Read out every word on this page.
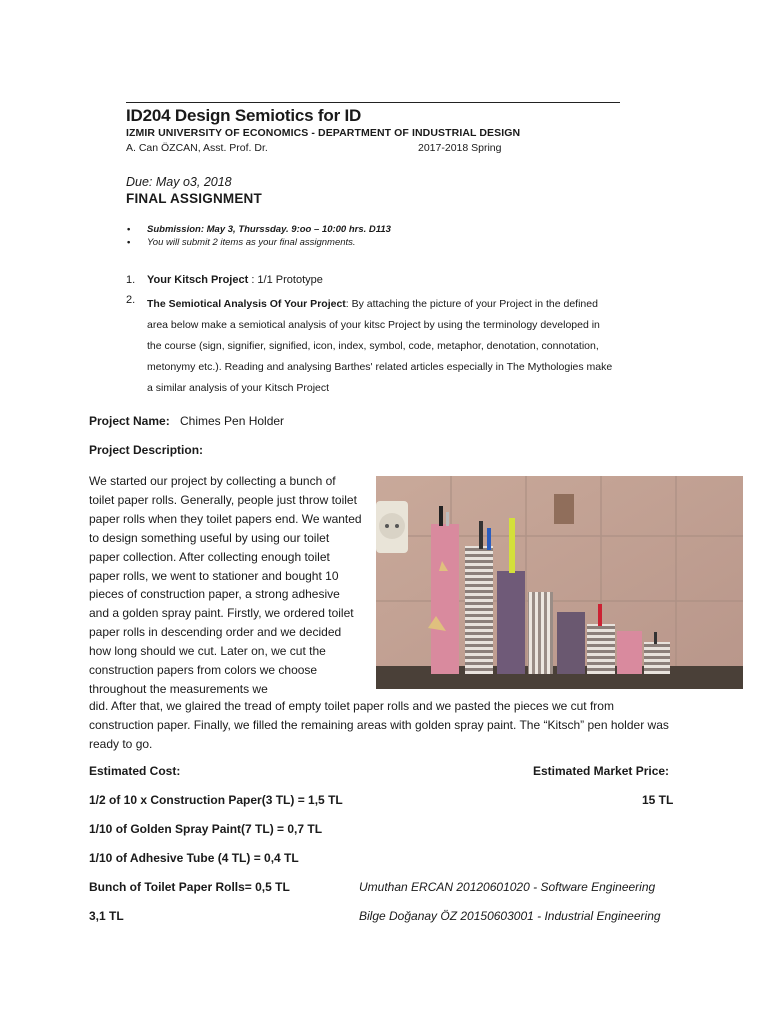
ID204 Design Semiotics for ID
IZMIR UNIVERSITY OF ECONOMICS - DEPARTMENT OF INDUSTRIAL DESIGN
A. Can ÖZCAN, Asst. Prof. Dr.	2017-2018 Spring
Due: May o3, 2018
FINAL ASSIGNMENT
• Submission: May 3, Thurssday. 9:oo – 10:00 hrs. D113
• You will submit 2 items as your final assignments.
1. Your Kitsch Project : 1/1 Prototype
2. The Semiotical Analysis Of Your Project: By attaching the picture of your Project in the defined area below make a semiotical analysis of your kitsc Project by using the terminology developed in the course (sign, signifier, signified, icon, index, symbol, code, metaphor, denotation, connotation, metonymy etc.). Reading and analysing Barthes' related articles especially in The Mythologies make a similar analysis of your Kitsch Project
Project Name: Chimes Pen Holder
Project Description:
We started our project by collecting a bunch of toilet paper rolls. Generally, people just throw toilet paper rolls when they toilet papers end. We wanted to design something useful by using our toilet paper collection. After collecting enough toilet paper rolls, we went to stationer and bought 10 pieces of construction paper, a strong adhesive and a golden spray paint. Firstly, we ordered toilet paper rolls in descending order and we decided how long should we cut. Later on, we cut the construction papers from colors we choose throughout the measurements we
did. After that, we glaired the tread of empty toilet paper rolls and we pasted the pieces we cut from construction paper. Finally, we filled the remaining areas with golden spray paint. The “Kitsch” pen holder was ready to go.
Estimated Cost:	Estimated Market Price:
15 TL
1/2 of 10 x Construction Paper(3 TL) = 1,5 TL
1/10 of Golden Spray Paint(7 TL) = 0,7 TL
1/10 of Adhesive Tube (4 TL) = 0,4 TL
Bunch of Toilet Paper Rolls= 0,5 TL
3,1 TL
Umuthan ERCAN 20120601020 - Software Engineering
Bilge Doğanay ÖZ 20150603001 - Industrial Engineering
